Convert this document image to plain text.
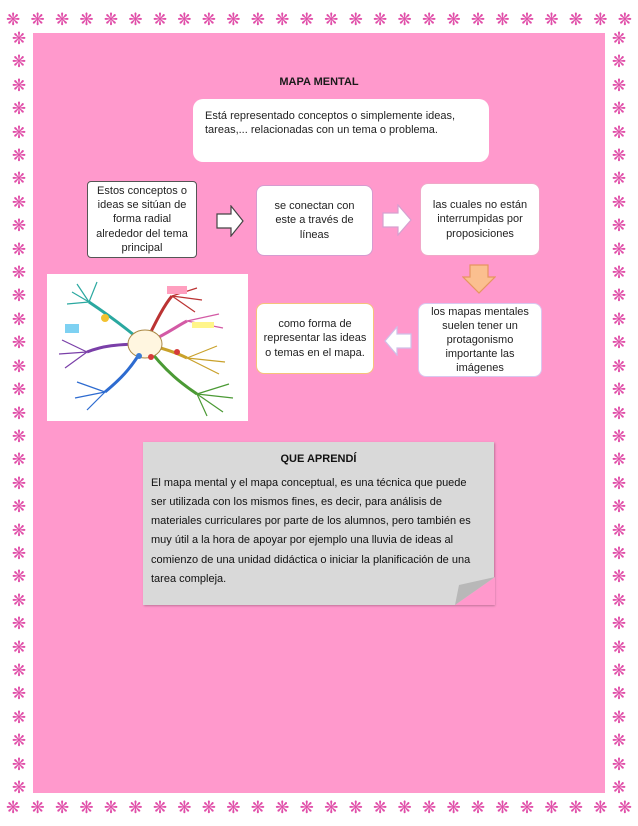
❋ ❋ ❋ ❋ ❋ ❋ ❋ ❋ ❋ ❋ ❋ ❋ ❋ ❋ ❋ ❋ ❋ ❋ ❋ ❋ ❋ ❋ ❋ ❋ ❋ ❋
❋ ❋ ❋ ❋ ❋ ❋ ❋ ❋ ❋ ❋ ❋ ❋ ❋ ❋ ❋ ❋ ❋ ❋ ❋ ❋ ❋ ❋ ❋ ❋ ❋ ❋
❋
❋
❋
❋
❋
❋
❋
❋
❋
❋
❋
❋
❋
❋
❋
❋
❋
❋
❋
❋
❋
❋
❋
❋
❋
❋
❋
❋
❋
❋
❋
❋
❋
❋
❋
❋
❋
❋
❋
❋
❋
❋
❋
❋
❋
❋
❋
❋
❋
❋
❋
❋
❋
❋
❋
❋
❋
❋
❋
❋
❋
❋
❋
❋
❋
❋
MAPA MENTAL
Está representado conceptos o simplemente ideas, tareas,... relacionadas con un tema o problema.
Estos conceptos o ideas se sitúan de forma radial alrededor del tema principal
se conectan con este a través de líneas
las cuales no están interrumpidas por proposiciones
los mapas mentales suelen tener un protagonismo importante las imágenes
como forma de representar las ideas o temas en el mapa.
QUE APRENDÍ
El mapa mental y el mapa conceptual, es una técnica que puede ser utilizada con los mismos fines, es decir, para análisis de materiales curriculares por parte de los alumnos, pero también es muy útil a la hora de apoyar por ejemplo una lluvia de ideas al comienzo de una unidad didáctica o iniciar la planificación de una tarea compleja.
